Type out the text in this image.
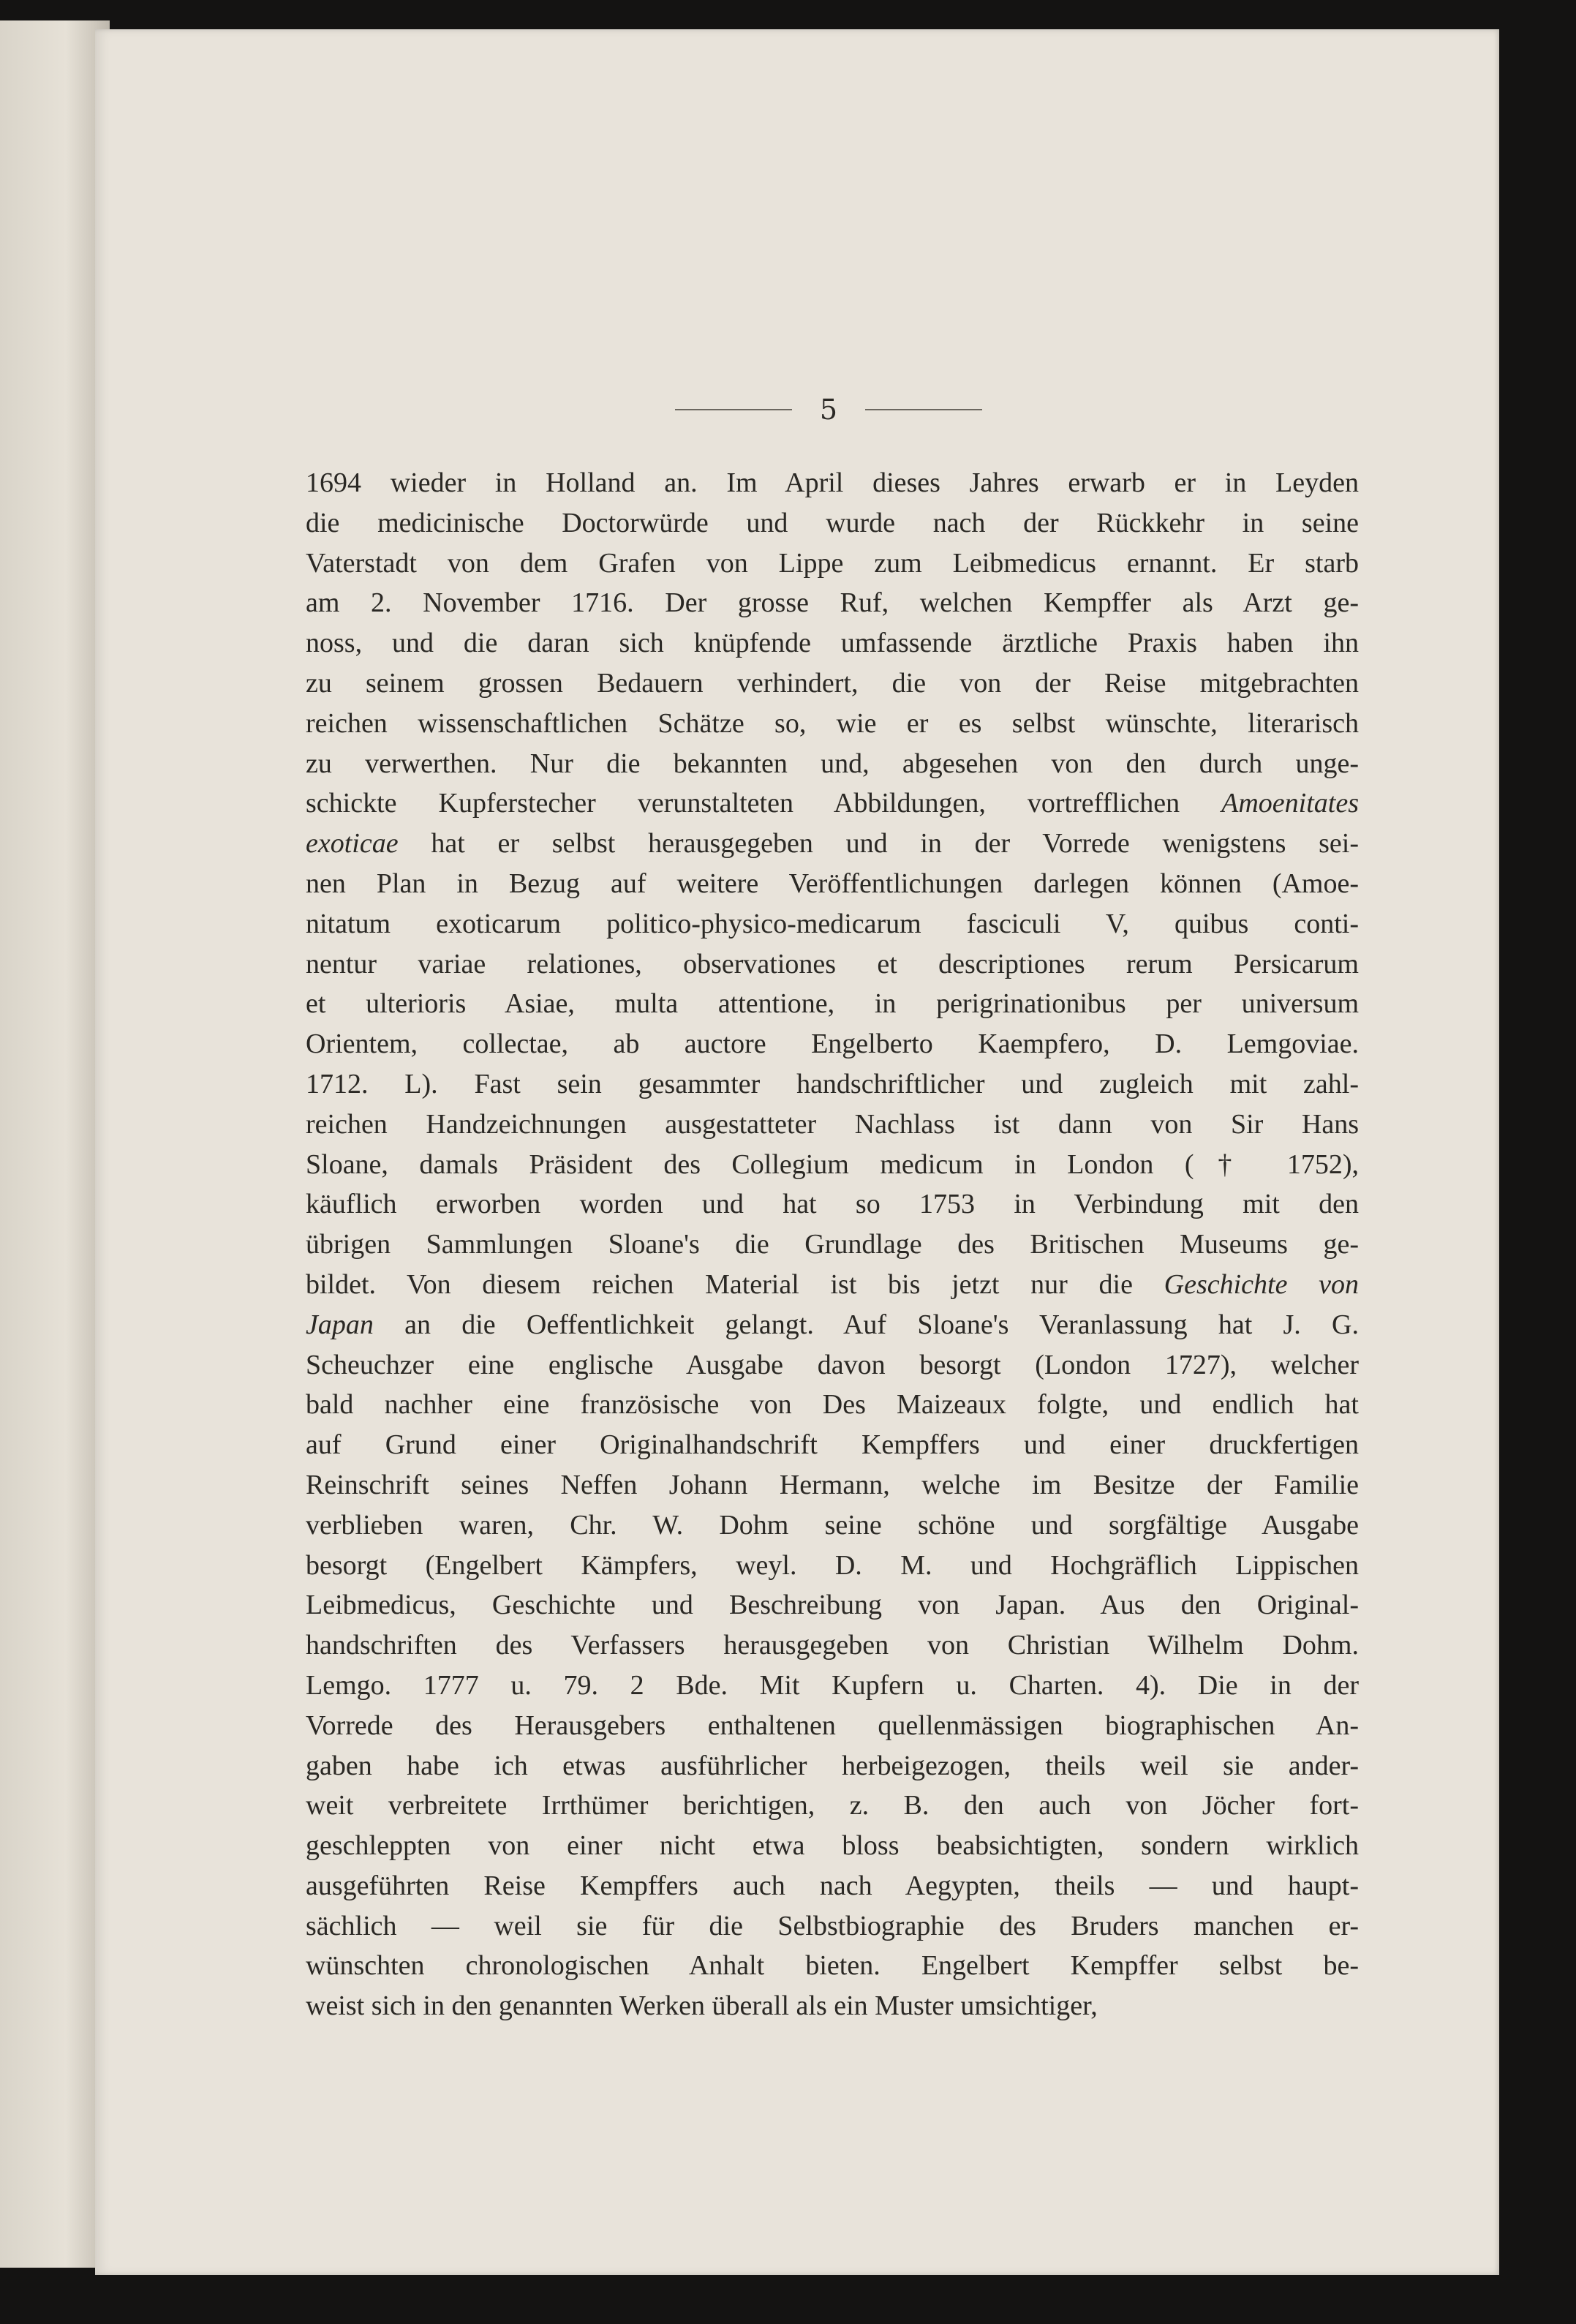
5
1694 wieder in Holland an. Im April dieses Jahres erwarb er in Leyden
die medicinische Doctorwürde und wurde nach der Rückkehr in seine
Vaterstadt von dem Grafen von Lippe zum Leibmedicus ernannt. Er starb
am 2. November 1716. Der grosse Ruf, welchen Kempffer als Arzt ge-
noss, und die daran sich knüpfende umfassende ärztliche Praxis haben ihn
zu seinem grossen Bedauern verhindert, die von der Reise mitgebrachten
reichen wissenschaftlichen Schätze so, wie er es selbst wünschte, literarisch
zu verwerthen. Nur die bekannten und, abgesehen von den durch unge-
schickte Kupferstecher verunstalteten Abbildungen, vortrefflichen Amoenitates
exoticae hat er selbst herausgegeben und in der Vorrede wenigstens sei-
nen Plan in Bezug auf weitere Veröffentlichungen darlegen können (Amoe-
nitatum exoticarum politico-physico-medicarum fasciculi V, quibus conti-
nentur variae relationes, observationes et descriptiones rerum Persicarum
et ulterioris Asiae, multa attentione, in perigrinationibus per universum
Orientem, collectae, ab auctore Engelberto Kaempfero, D. Lemgoviae.
1712. L). Fast sein gesammter handschriftlicher und zugleich mit zahl-
reichen Handzeichnungen ausgestatteter Nachlass ist dann von Sir Hans
Sloane, damals Präsident des Collegium medicum in London († 1752),
käuflich erworben worden und hat so 1753 in Verbindung mit den
übrigen Sammlungen Sloane's die Grundlage des Britischen Museums ge-
bildet. Von diesem reichen Material ist bis jetzt nur die Geschichte von
Japan an die Oeffentlichkeit gelangt. Auf Sloane's Veranlassung hat J. G.
Scheuchzer eine englische Ausgabe davon besorgt (London 1727), welcher
bald nachher eine französische von Des Maizeaux folgte, und endlich hat
auf Grund einer Originalhandschrift Kempffers und einer druckfertigen
Reinschrift seines Neffen Johann Hermann, welche im Besitze der Familie
verblieben waren, Chr. W. Dohm seine schöne und sorgfältige Ausgabe
besorgt (Engelbert Kämpfers, weyl. D. M. und Hochgräflich Lippischen
Leibmedicus, Geschichte und Beschreibung von Japan. Aus den Original-
handschriften des Verfassers herausgegeben von Christian Wilhelm Dohm.
Lemgo. 1777 u. 79. 2 Bde. Mit Kupfern u. Charten. 4). Die in der
Vorrede des Herausgebers enthaltenen quellenmässigen biographischen An-
gaben habe ich etwas ausführlicher herbeigezogen, theils weil sie ander-
weit verbreitete Irrthümer berichtigen, z. B. den auch von Jöcher fort-
geschleppten von einer nicht etwa bloss beabsichtigten, sondern wirklich
ausgeführten Reise Kempffers auch nach Aegypten, theils — und haupt-
sächlich — weil sie für die Selbstbiographie des Bruders manchen er-
wünschten chronologischen Anhalt bieten. Engelbert Kempffer selbst be-
weist sich in den genannten Werken überall als ein Muster umsichtiger,
